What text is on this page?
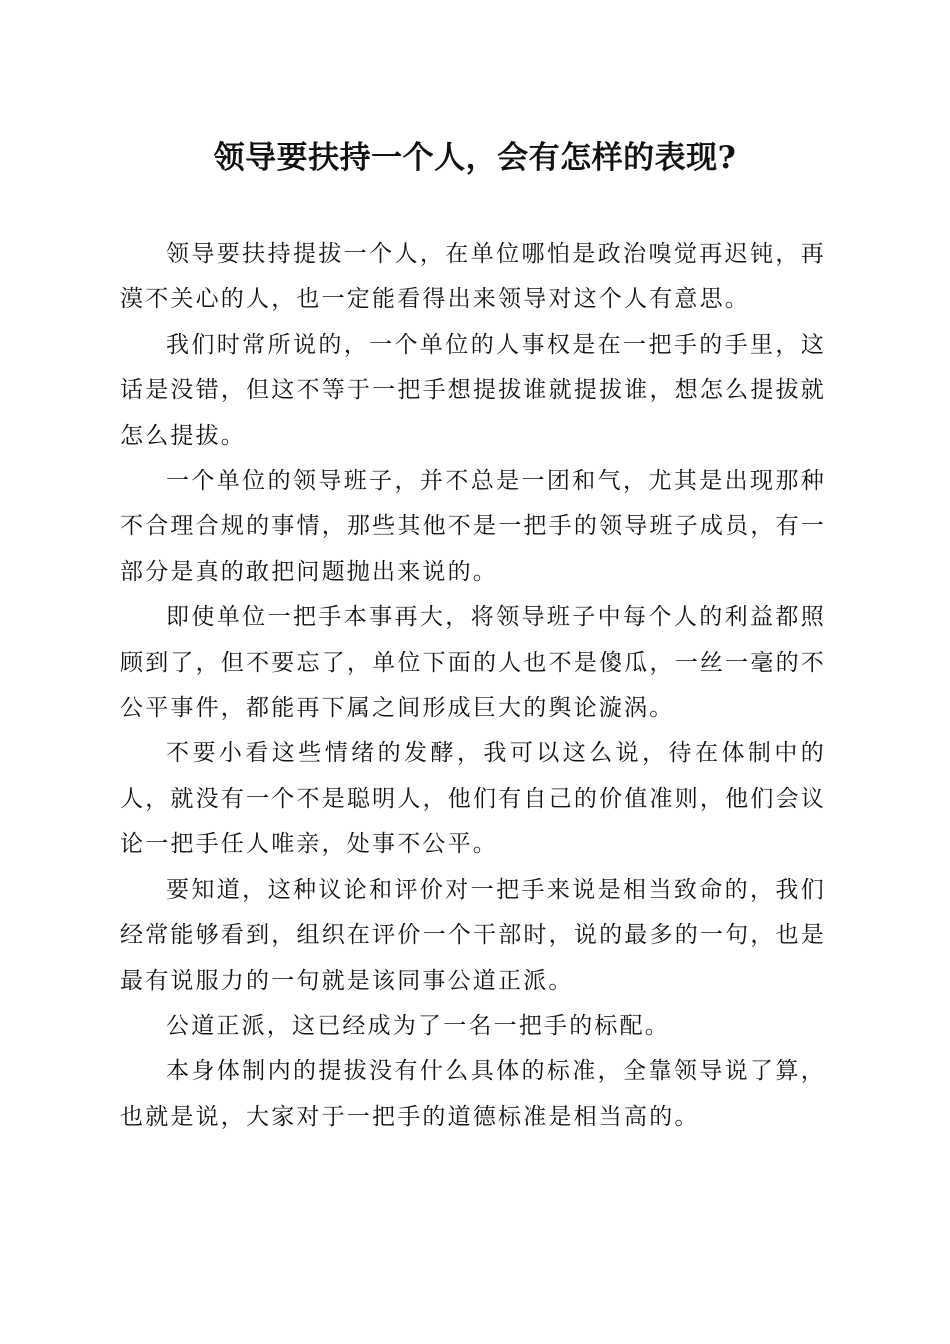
领导要扶持一个人，会有怎样的表现?

领导要扶持提拔一个人，在单位哪怕是政治嗅觉再迟钝，再漠不关心的人，也一定能看得出来领导对这个人有意思。

我们时常所说的，一个单位的人事权是在一把手的手里，这话是没错，但这不等于一把手想提拔谁就提拔谁，想怎么提拔就怎么提拔。

一个单位的领导班子，并不总是一团和气，尤其是出现那种不合理合规的事情，那些其他不是一把手的领导班子成员，有一部分是真的敢把问题抛出来说的。

即使单位一把手本事再大，将领导班子中每个人的利益都照顾到了，但不要忘了，单位下面的人也不是傻瓜，一丝一毫的不公平事件，都能再下属之间形成巨大的舆论漩涡。

不要小看这些情绪的发酵，我可以这么说，待在体制中的人，就没有一个不是聪明人，他们有自己的价值准则，他们会议论一把手任人唯亲，处事不公平。

要知道，这种议论和评价对一把手来说是相当致命的，我们经常能够看到，组织在评价一个干部时，说的最多的一句，也是最有说服力的一句就是该同事公道正派。

公道正派，这已经成为了一名一把手的标配。

本身体制内的提拔没有什么具体的标准，全靠领导说了算，也就是说，大家对于一把手的道德标准是相当高的。
